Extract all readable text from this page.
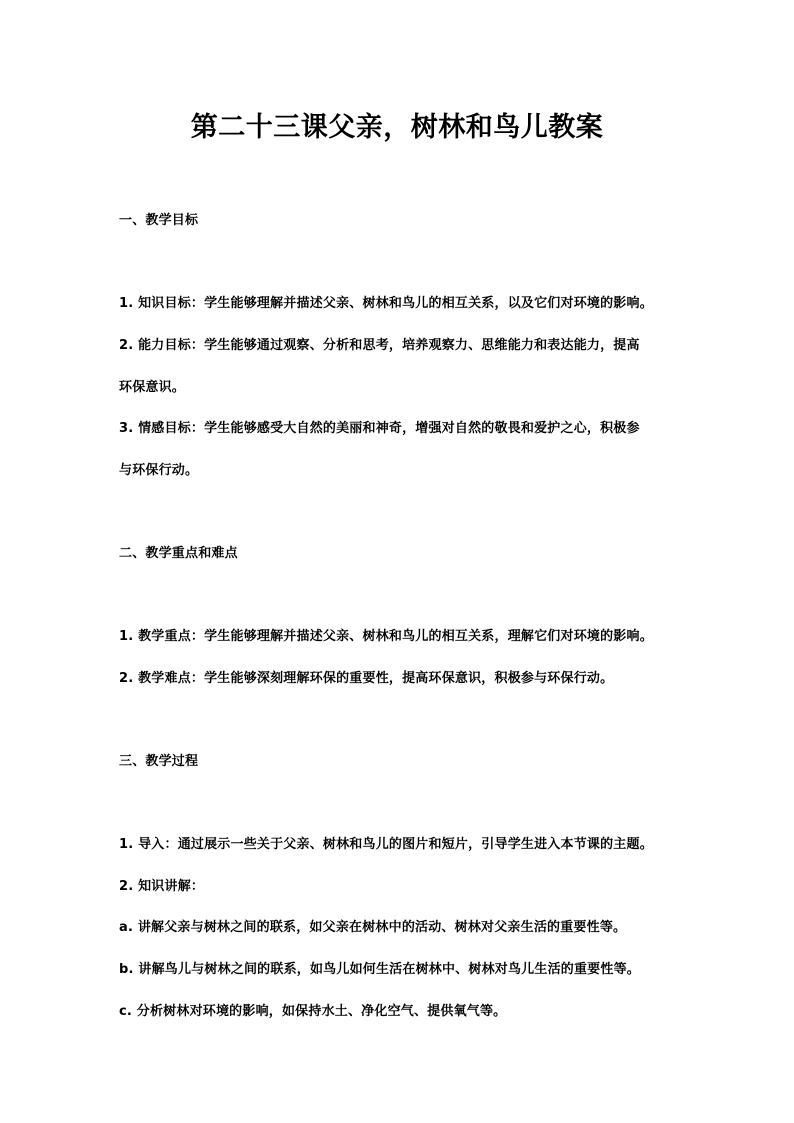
第二十三课父亲，树林和鸟儿教案
一、教学目标
1. 知识目标：学生能够理解并描述父亲、树林和鸟儿的相互关系，以及它们对环境的影响。
2. 能力目标：学生能够通过观察、分析和思考，培养观察力、思维能力和表达能力，提高
环保意识。
3. 情感目标：学生能够感受大自然的美丽和神奇，增强对自然的敬畏和爱护之心，积极参
与环保行动。
二、教学重点和难点
1. 教学重点：学生能够理解并描述父亲、树林和鸟儿的相互关系，理解它们对环境的影响。
2. 教学难点：学生能够深刻理解环保的重要性，提高环保意识，积极参与环保行动。
三、教学过程
1. 导入：通过展示一些关于父亲、树林和鸟儿的图片和短片，引导学生进入本节课的主题。
2. 知识讲解：
a. 讲解父亲与树林之间的联系，如父亲在树林中的活动、树林对父亲生活的重要性等。
b. 讲解鸟儿与树林之间的联系，如鸟儿如何生活在树林中、树林对鸟儿生活的重要性等。
c. 分析树林对环境的影响，如保持水土、净化空气、提供氧气等。
